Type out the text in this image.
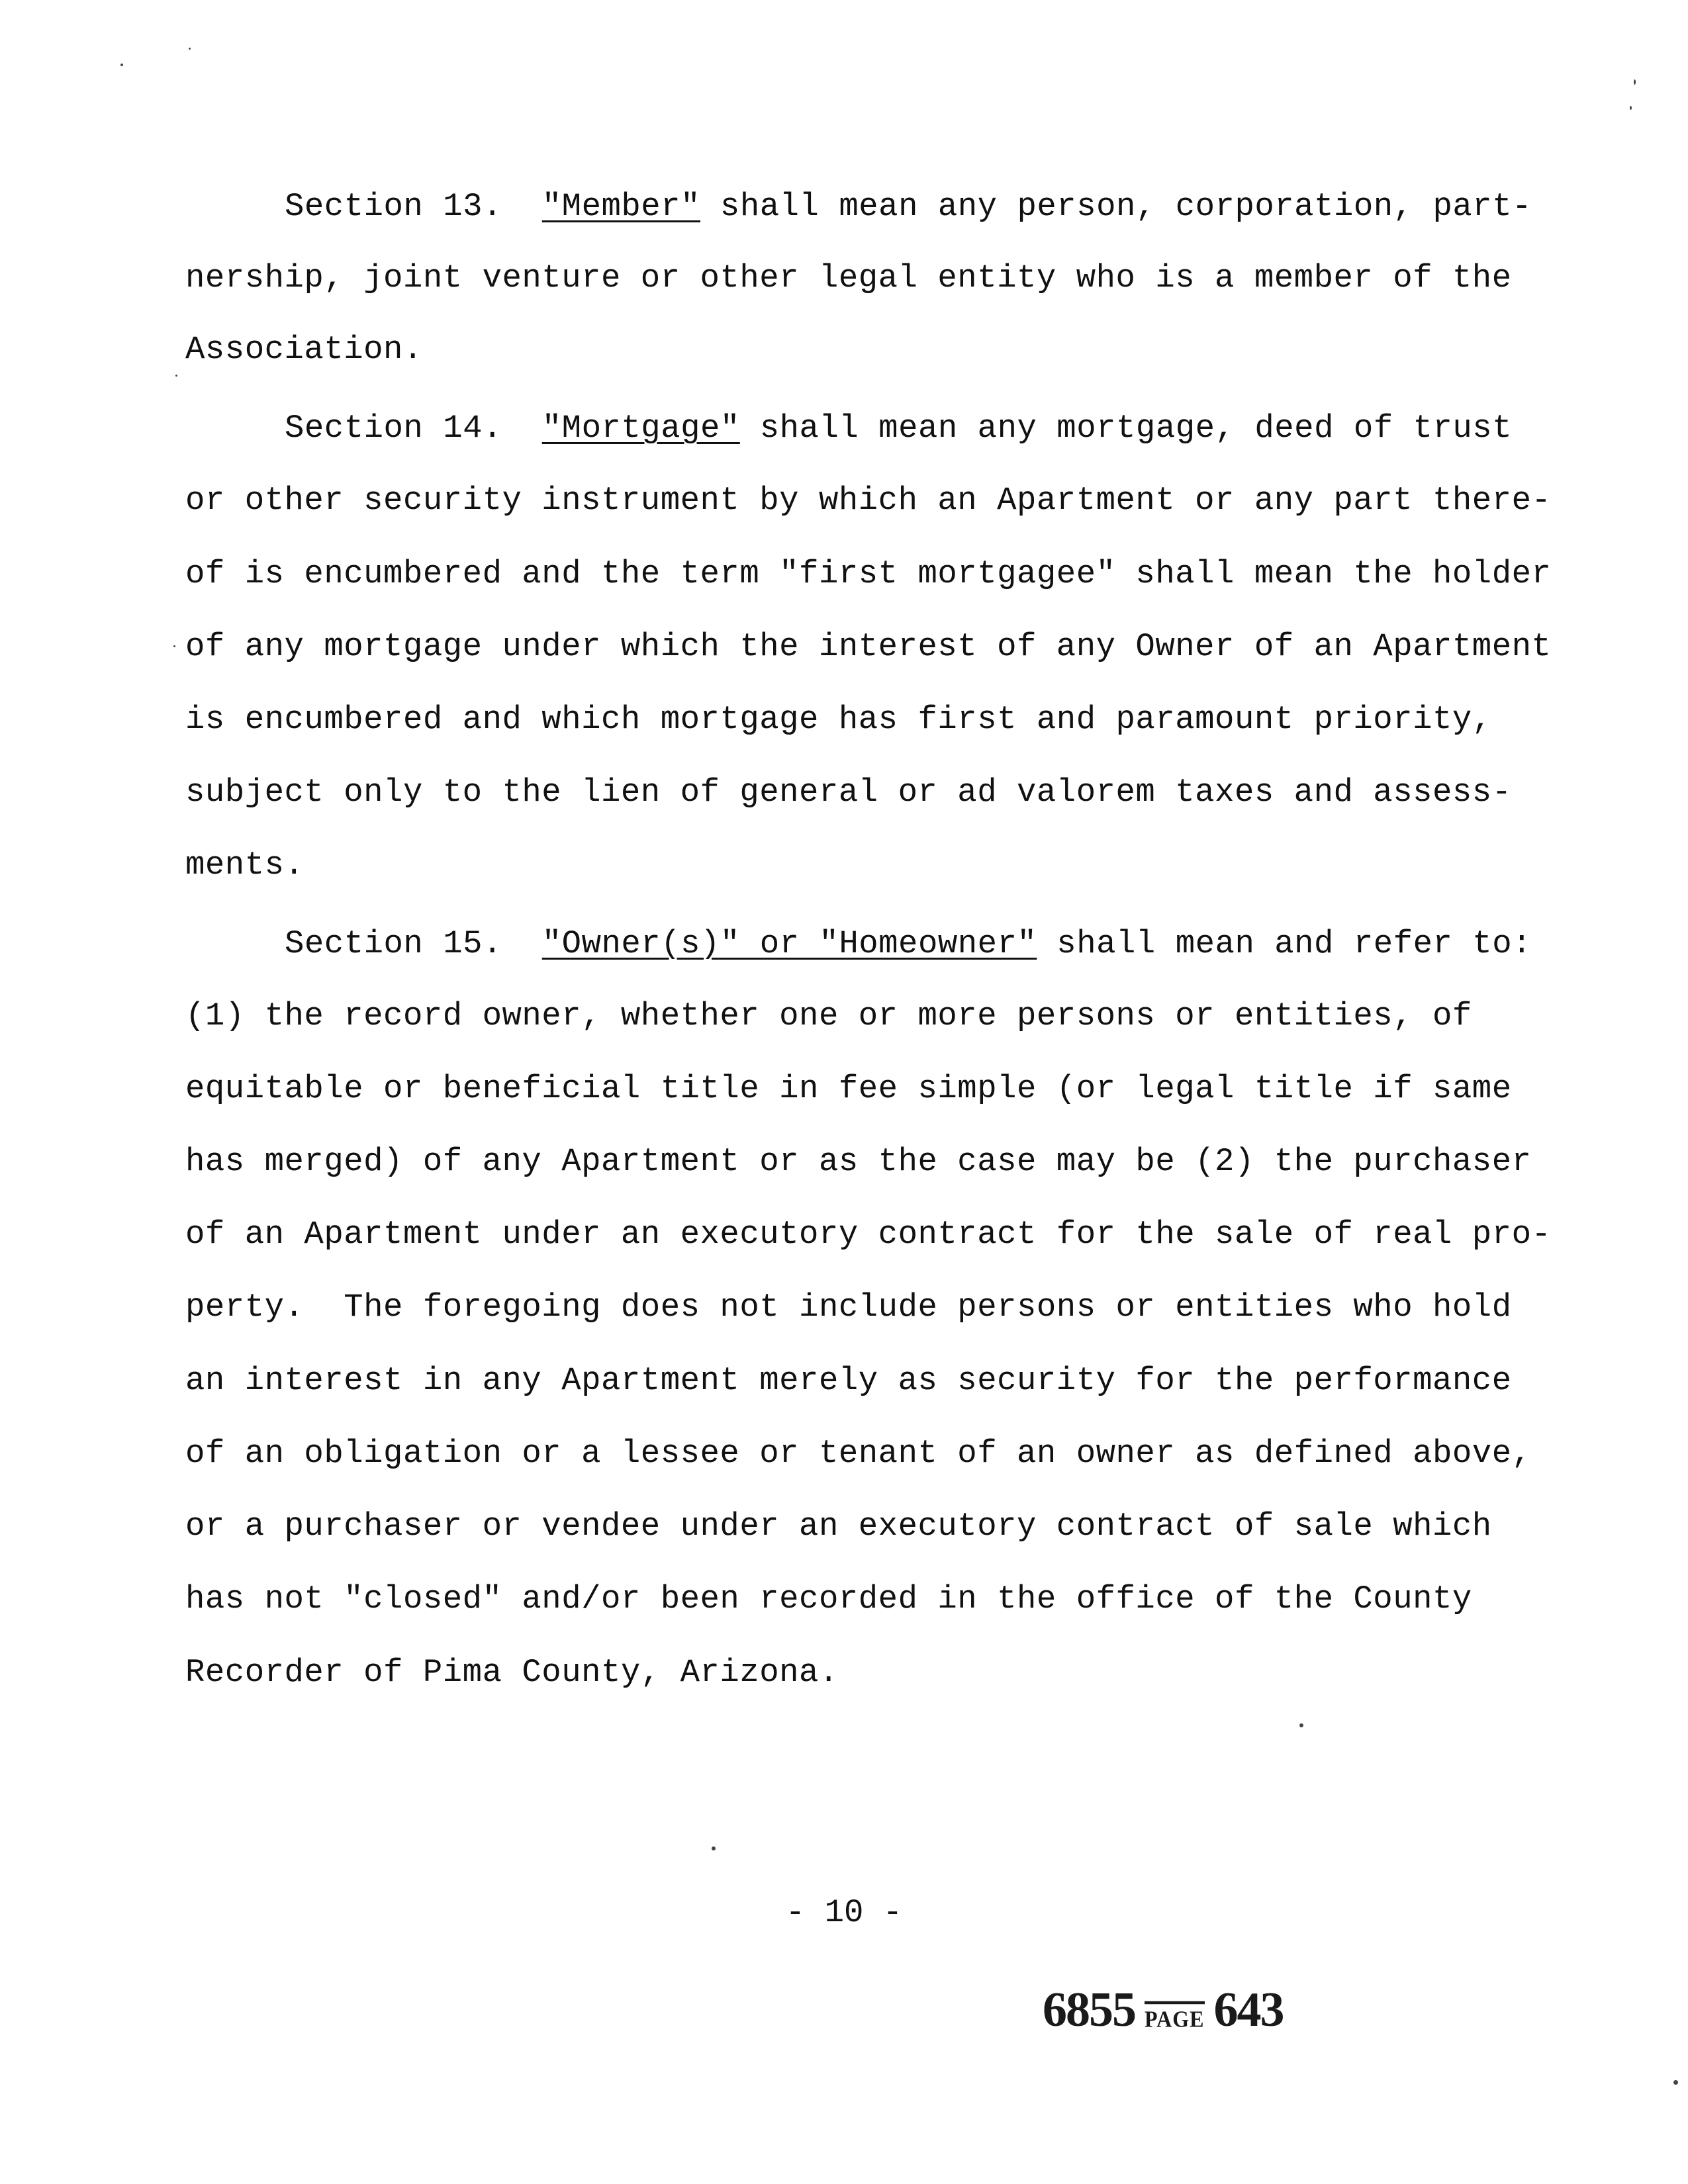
Section 13.  "Member" shall mean any person, corporation, part-
nership, joint venture or other legal entity who is a member of the
Association.
Section 14.  "Mortgage" shall mean any mortgage, deed of trust
or other security instrument by which an Apartment or any part there-
of is encumbered and the term "first mortgagee" shall mean the holder
of any mortgage under which the interest of any Owner of an Apartment
is encumbered and which mortgage has first and paramount priority,
subject only to the lien of general or ad valorem taxes and assess-
ments.
Section 15.  "Owner(s)" or "Homeowner" shall mean and refer to:
(1) the record owner, whether one or more persons or entities, of
equitable or beneficial title in fee simple (or legal title if same
has merged) of any Apartment or as the case may be (2) the purchaser
of an Apartment under an executory contract for the sale of real pro-
perty.  The foregoing does not include persons or entities who hold
an interest in any Apartment merely as security for the performance
of an obligation or a lessee or tenant of an owner as defined above,
or a purchaser or vendee under an executory contract of sale which
has not "closed" and/or been recorded in the office of the County
Recorder of Pima County, Arizona.
- 10 -
6855 PAGE 643
